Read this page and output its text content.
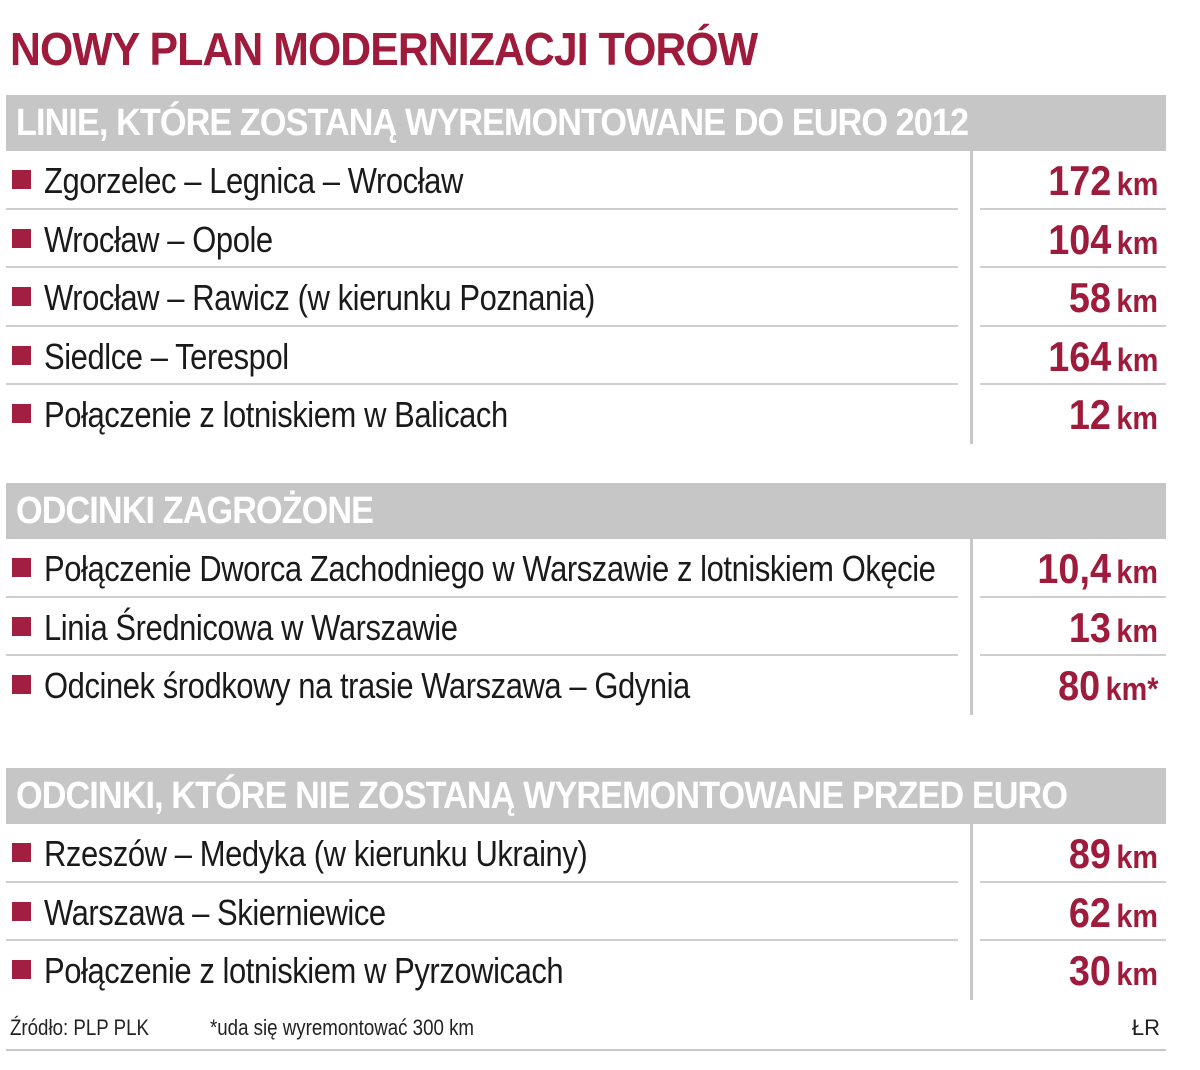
NOWY PLAN MODERNIZACJI TORÓW
LINIE, KTÓRE ZOSTANĄ WYREMONTOWANE DO EURO 2012
Zgorzelec – Legnica – Wrocław	172 km
Wrocław – Opole	104 km
Wrocław – Rawicz (w kierunku Poznania)	58 km
Siedlce – Terespol	164 km
Połączenie z lotniskiem w Balicach	12 km
ODCINKI ZAGROŻONE
Połączenie Dworca Zachodniego w Warszawie z lotniskiem Okęcie 10,4 km
Linia Średnicowa w Warszawie	13 km
Odcinek środkowy na trasie Warszawa – Gdynia	80 km*
ODCINKI, KTÓRE NIE ZOSTANĄ WYREMONTOWANE PRZED EURO
Rzeszów – Medyka (w kierunku Ukrainy)	89 km
Warszawa – Skierniewice	62 km
Połączenie z lotniskiem w Pyrzowicach	30 km
Źródło: PLP PLK	*uda się wyremontować 300 km	ŁR
